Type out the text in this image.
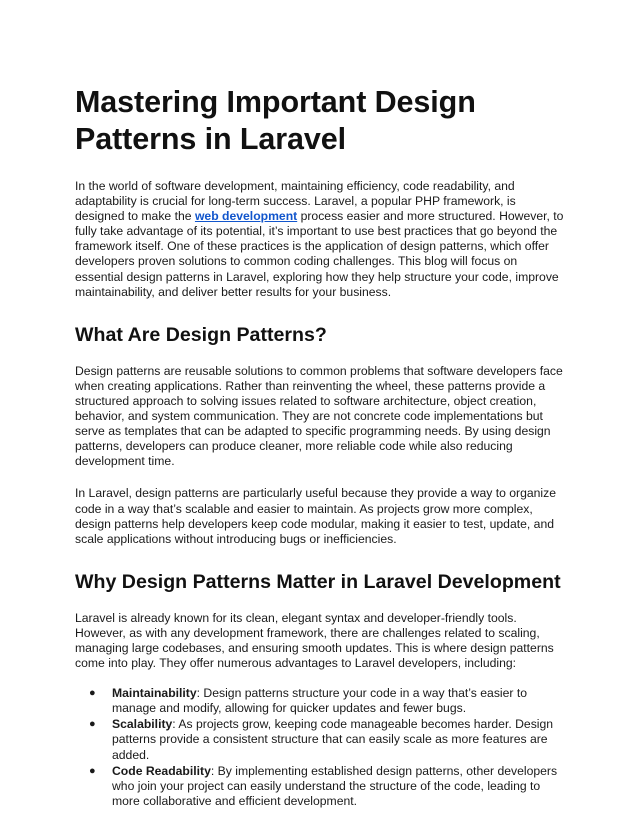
Mastering Important Design Patterns in Laravel

In the world of software development, maintaining efficiency, code readability, and adaptability is crucial for long-term success. Laravel, a popular PHP framework, is designed to make the web development process easier and more structured. However, to fully take advantage of its potential, it’s important to use best practices that go beyond the framework itself. One of these practices is the application of design patterns, which offer developers proven solutions to common coding challenges. This blog will focus on essential design patterns in Laravel, exploring how they help structure your code, improve maintainability, and deliver better results for your business.

What Are Design Patterns?

Design patterns are reusable solutions to common problems that software developers face when creating applications. Rather than reinventing the wheel, these patterns provide a structured approach to solving issues related to software architecture, object creation, behavior, and system communication. They are not concrete code implementations but serve as templates that can be adapted to specific programming needs. By using design patterns, developers can produce cleaner, more reliable code while also reducing development time.

In Laravel, design patterns are particularly useful because they provide a way to organize code in a way that’s scalable and easier to maintain. As projects grow more complex, design patterns help developers keep code modular, making it easier to test, update, and scale applications without introducing bugs or inefficiencies.

Why Design Patterns Matter in Laravel Development

Laravel is already known for its clean, elegant syntax and developer-friendly tools. However, as with any development framework, there are challenges related to scaling, managing large codebases, and ensuring smooth updates. This is where design patterns come into play. They offer numerous advantages to Laravel developers, including:

● Maintainability: Design patterns structure your code in a way that’s easier to manage and modify, allowing for quicker updates and fewer bugs.
● Scalability: As projects grow, keeping code manageable becomes harder. Design patterns provide a consistent structure that can easily scale as more features are added.
● Code Readability: By implementing established design patterns, other developers who join your project can easily understand the structure of the code, leading to more collaborative and efficient development.
